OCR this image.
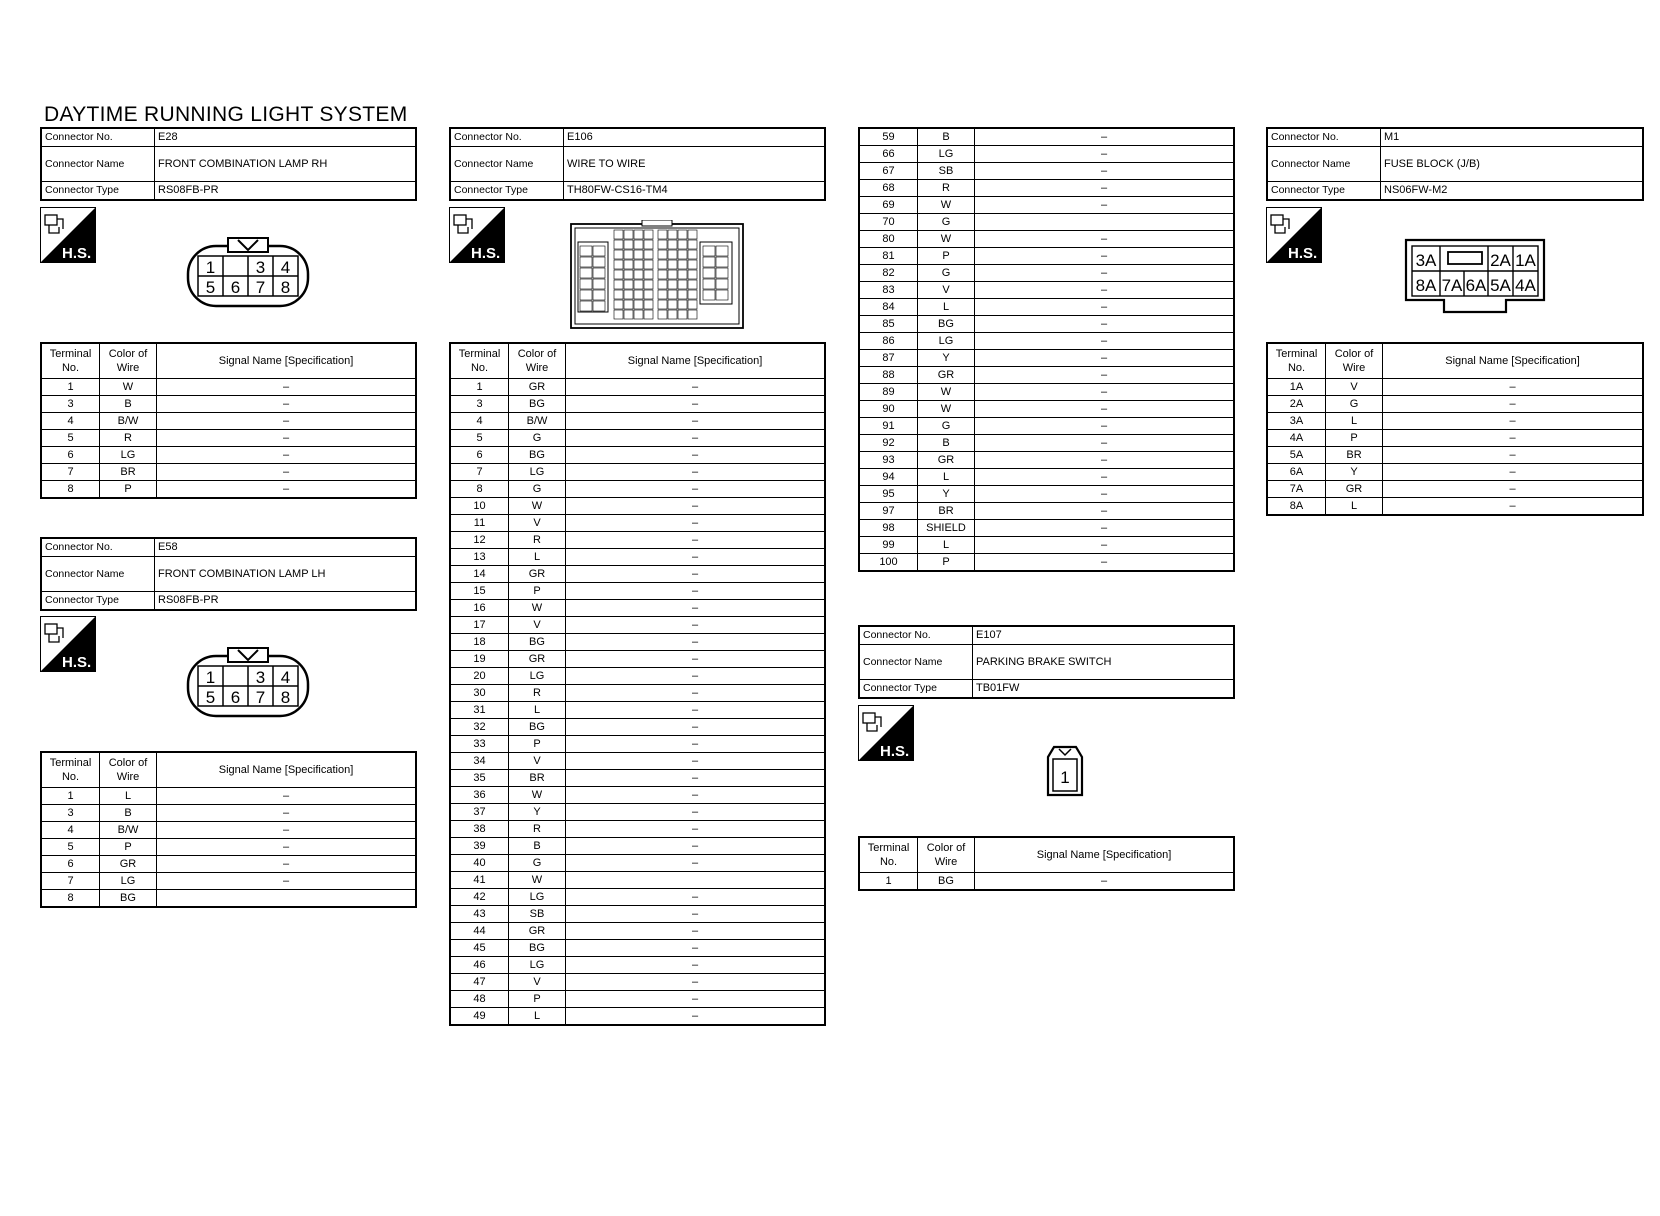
DAYTIME RUNNING LIGHT SYSTEM
Connector No.	E28
Connector Name	FRONT COMBINATION LAMP RH
Connector Type	RS08FB-PR
H.S.
1 3 4
5 6 7 8
Terminal No.	Color of Wire	Signal Name [Specification]
1	W	–
3	B	–
4	B/W	–
5	R	–
6	LG	–
7	BR	–
8	P	–
Connector No.	E58
Connector Name	FRONT COMBINATION LAMP LH
Connector Type	RS08FB-PR
H.S.
1 3 4
5 6 7 8
Terminal No.	Color of Wire	Signal Name [Specification]
1	L	–
3	B	–
4	B/W	–
5	P	–
6	GR	–
7	LG	–
8	BG	
Connector No.	E106
Connector Name	WIRE TO WIRE
Connector Type	TH80FW-CS16-TM4
H.S.
Terminal No.	Color of Wire	Signal Name [Specification]
1	GR	–
3	BG	–
4	B/W	–
5	G	–
6	BG	–
7	LG	–
8	G	–
10	W	–
11	V	–
12	R	–
13	L	–
14	GR	–
15	P	–
16	W	–
17	V	–
18	BG	–
19	GR	–
20	LG	–
30	R	–
31	L	–
32	BG	–
33	P	–
34	V	–
35	BR	–
36	W	–
37	Y	–
38	R	–
39	B	–
40	G	–
41	W	
42	LG	–
43	SB	–
44	GR	–
45	BG	–
46	LG	–
47	V	–
48	P	–
49	L	–
59	B	–
66	LG	–
67	SB	–
68	R	–
69	W	–
70	G	
80	W	–
81	P	–
82	G	–
83	V	–
84	L	–
85	BG	–
86	LG	–
87	Y	–
88	GR	–
89	W	–
90	W	–
91	G	–
92	B	–
93	GR	–
94	L	–
95	Y	–
97	BR	–
98	SHIELD	–
99	L	–
100	P	–
Connector No.	E107
Connector Name	PARKING BRAKE SWITCH
Connector Type	TB01FW
H.S.
1
Terminal No.	Color of Wire	Signal Name [Specification]
1	BG	–
Connector No.	M1
Connector Name	FUSE BLOCK (J/B)
Connector Type	NS06FW-M2
H.S.	3A	2A 1A
8A 7A 6A 5A 4A
Terminal No.	Color of Wire	Signal Name [Specification]
1A	V	–
2A	G	–
3A	L	–
4A	P	–
5A	BR	–
6A	Y	–
7A	GR	–
8A	L	–
